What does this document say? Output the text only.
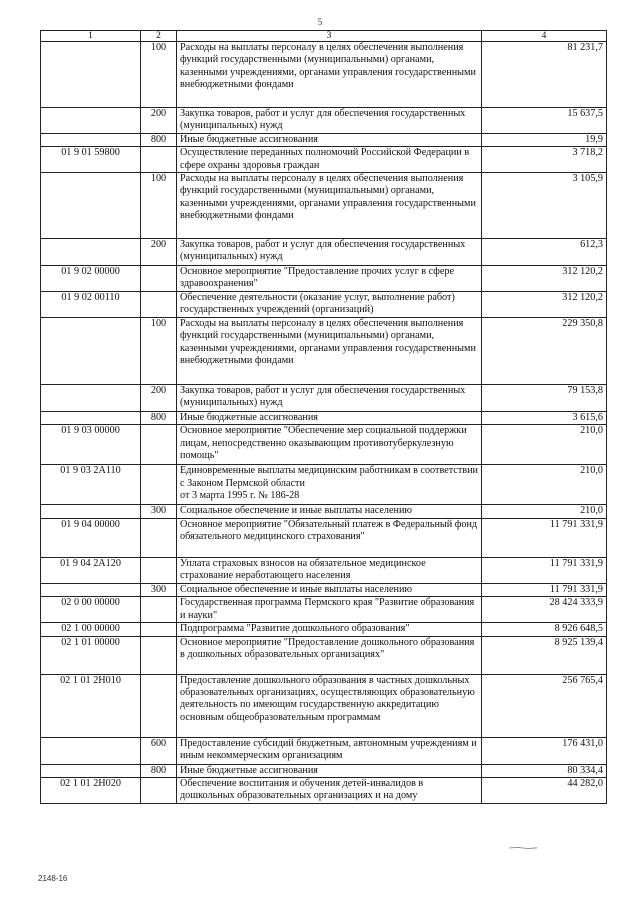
5
1	2	3	4
	100	Расходы на выплаты персоналу в целях обеспечения выполнения функций государственными (муниципальными) органами, казенными учреждениями, органами управления государственными внебюджетными фондами	81 231,7
	200	Закупка товаров, работ и услуг для обеспечения государственных (муниципальных) нужд	15 637,5
	800	Иные бюджетные ассигнования	19,9
01 9 01 59800		Осуществление переданных полномочий Российской Федерации в сфере охраны здоровья граждан	3 718,2
	100	Расходы на выплаты персоналу в целях обеспечения выполнения функций государственными (муниципальными) органами, казенными учреждениями, органами управления государственными внебюджетными фондами	3 105,9
	200	Закупка товаров, работ и услуг для обеспечения государственных (муниципальных) нужд	612,3
01 9 02 00000		Основное мероприятие "Предоставление прочих услуг в сфере здравоохранения"	312 120,2
01 9 02 00110		Обеспечение деятельности (оказание услуг, выполнение работ) государственных учреждений (организаций)	312 120,2
	100	Расходы на выплаты персоналу в целях обеспечения выполнения функций государственными (муниципальными) органами, казенными учреждениями, органами управления государственными внебюджетными фондами	229 350,8
	200	Закупка товаров, работ и услуг для обеспечения государственных (муниципальных) нужд	79 153,8
	800	Иные бюджетные ассигнования	3 615,6
01 9 03 00000		Основное мероприятие "Обеспечение мер социальной поддержки лицам, непосредственно оказывающим противотуберкулезную помощь"	210,0
01 9 03 2А110		Единовременные выплаты медицинским работникам в соответствии с Законом Пермской области
от 3 марта 1995 г. № 186-28	210,0
	300	Социальное обеспечение и иные выплаты населению	210,0
01 9 04 00000		Основное мероприятие "Обязательный платеж в Федеральный фонд обязательного медицинского страхования"	11 791 331,9
01 9 04 2А120		Уплата страховых взносов на обязательное медицинское страхование неработающего населения	11 791 331,9
	300	Социальное обеспечение и иные выплаты населению	11 791 331,9
02 0 00 00000		Государственная программа Пермского края "Развитие образования и науки"	28 424 333,9
02 1 00 00000		Подпрограмма "Развитие дошкольного образования"	8 926 648,5
02 1 01 00000		Основное мероприятие "Предоставление дошкольного образования в дошкольных образовательных организациях"	8 925 139,4
02 1 01 2Н010		Предоставление дошкольного образования в частных дошкольных образовательных организациях, осуществляющих образовательную деятельность по имеющим государственную аккредитацию основным общеобразовательным программам	256 765,4
	600	Предоставление субсидий бюджетным, автономным учреждениям и иным некоммерческим организациям	176 431,0
	800	Иные бюджетные ассигнования	80 334,4
02 1 01 2Н020		Обеспечение воспитания и обучения детей-инвалидов в дошкольных образовательных организациях и на дому	44 282,0
2148-16
